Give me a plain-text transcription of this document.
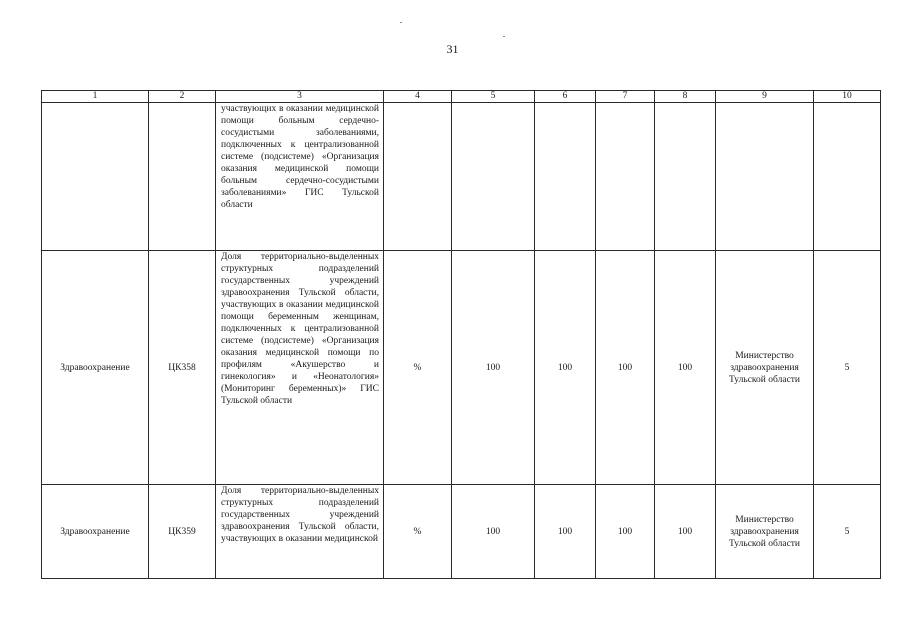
31
1	2	3	4	5	6	7	8	9	10
		участвующих в оказании медицинской помощи больным сердечно-сосудистыми заболеваниями, подключенных к централизованной системе (подсистеме) «Организация оказания медицинской помощи больным сердечно-сосудистыми заболеваниями» ГИС Тульской области							
Здравоохранение	ЦК358	Доля территориально-выделенных структурных подразделений государственных учреждений здравоохранения Тульской области, участвующих в оказании медицинской помощи беременным женщинам, подключенных к централизованной системе (подсистеме) «Организация оказания медицинской помощи по профилям «Акушерство и гинекология» и «Неонатология» (Мониторинг беременных)» ГИС Тульской области	%	100	100	100	100	Министерство здравоохранения Тульской области	5
Здравоохранение	ЦК359	Доля территориально-выделенных структурных подразделений государственных учреждений здравоохранения Тульской области, участвующих в оказании медицинской	%	100	100	100	100	Министерство здравоохранения Тульской области	5
